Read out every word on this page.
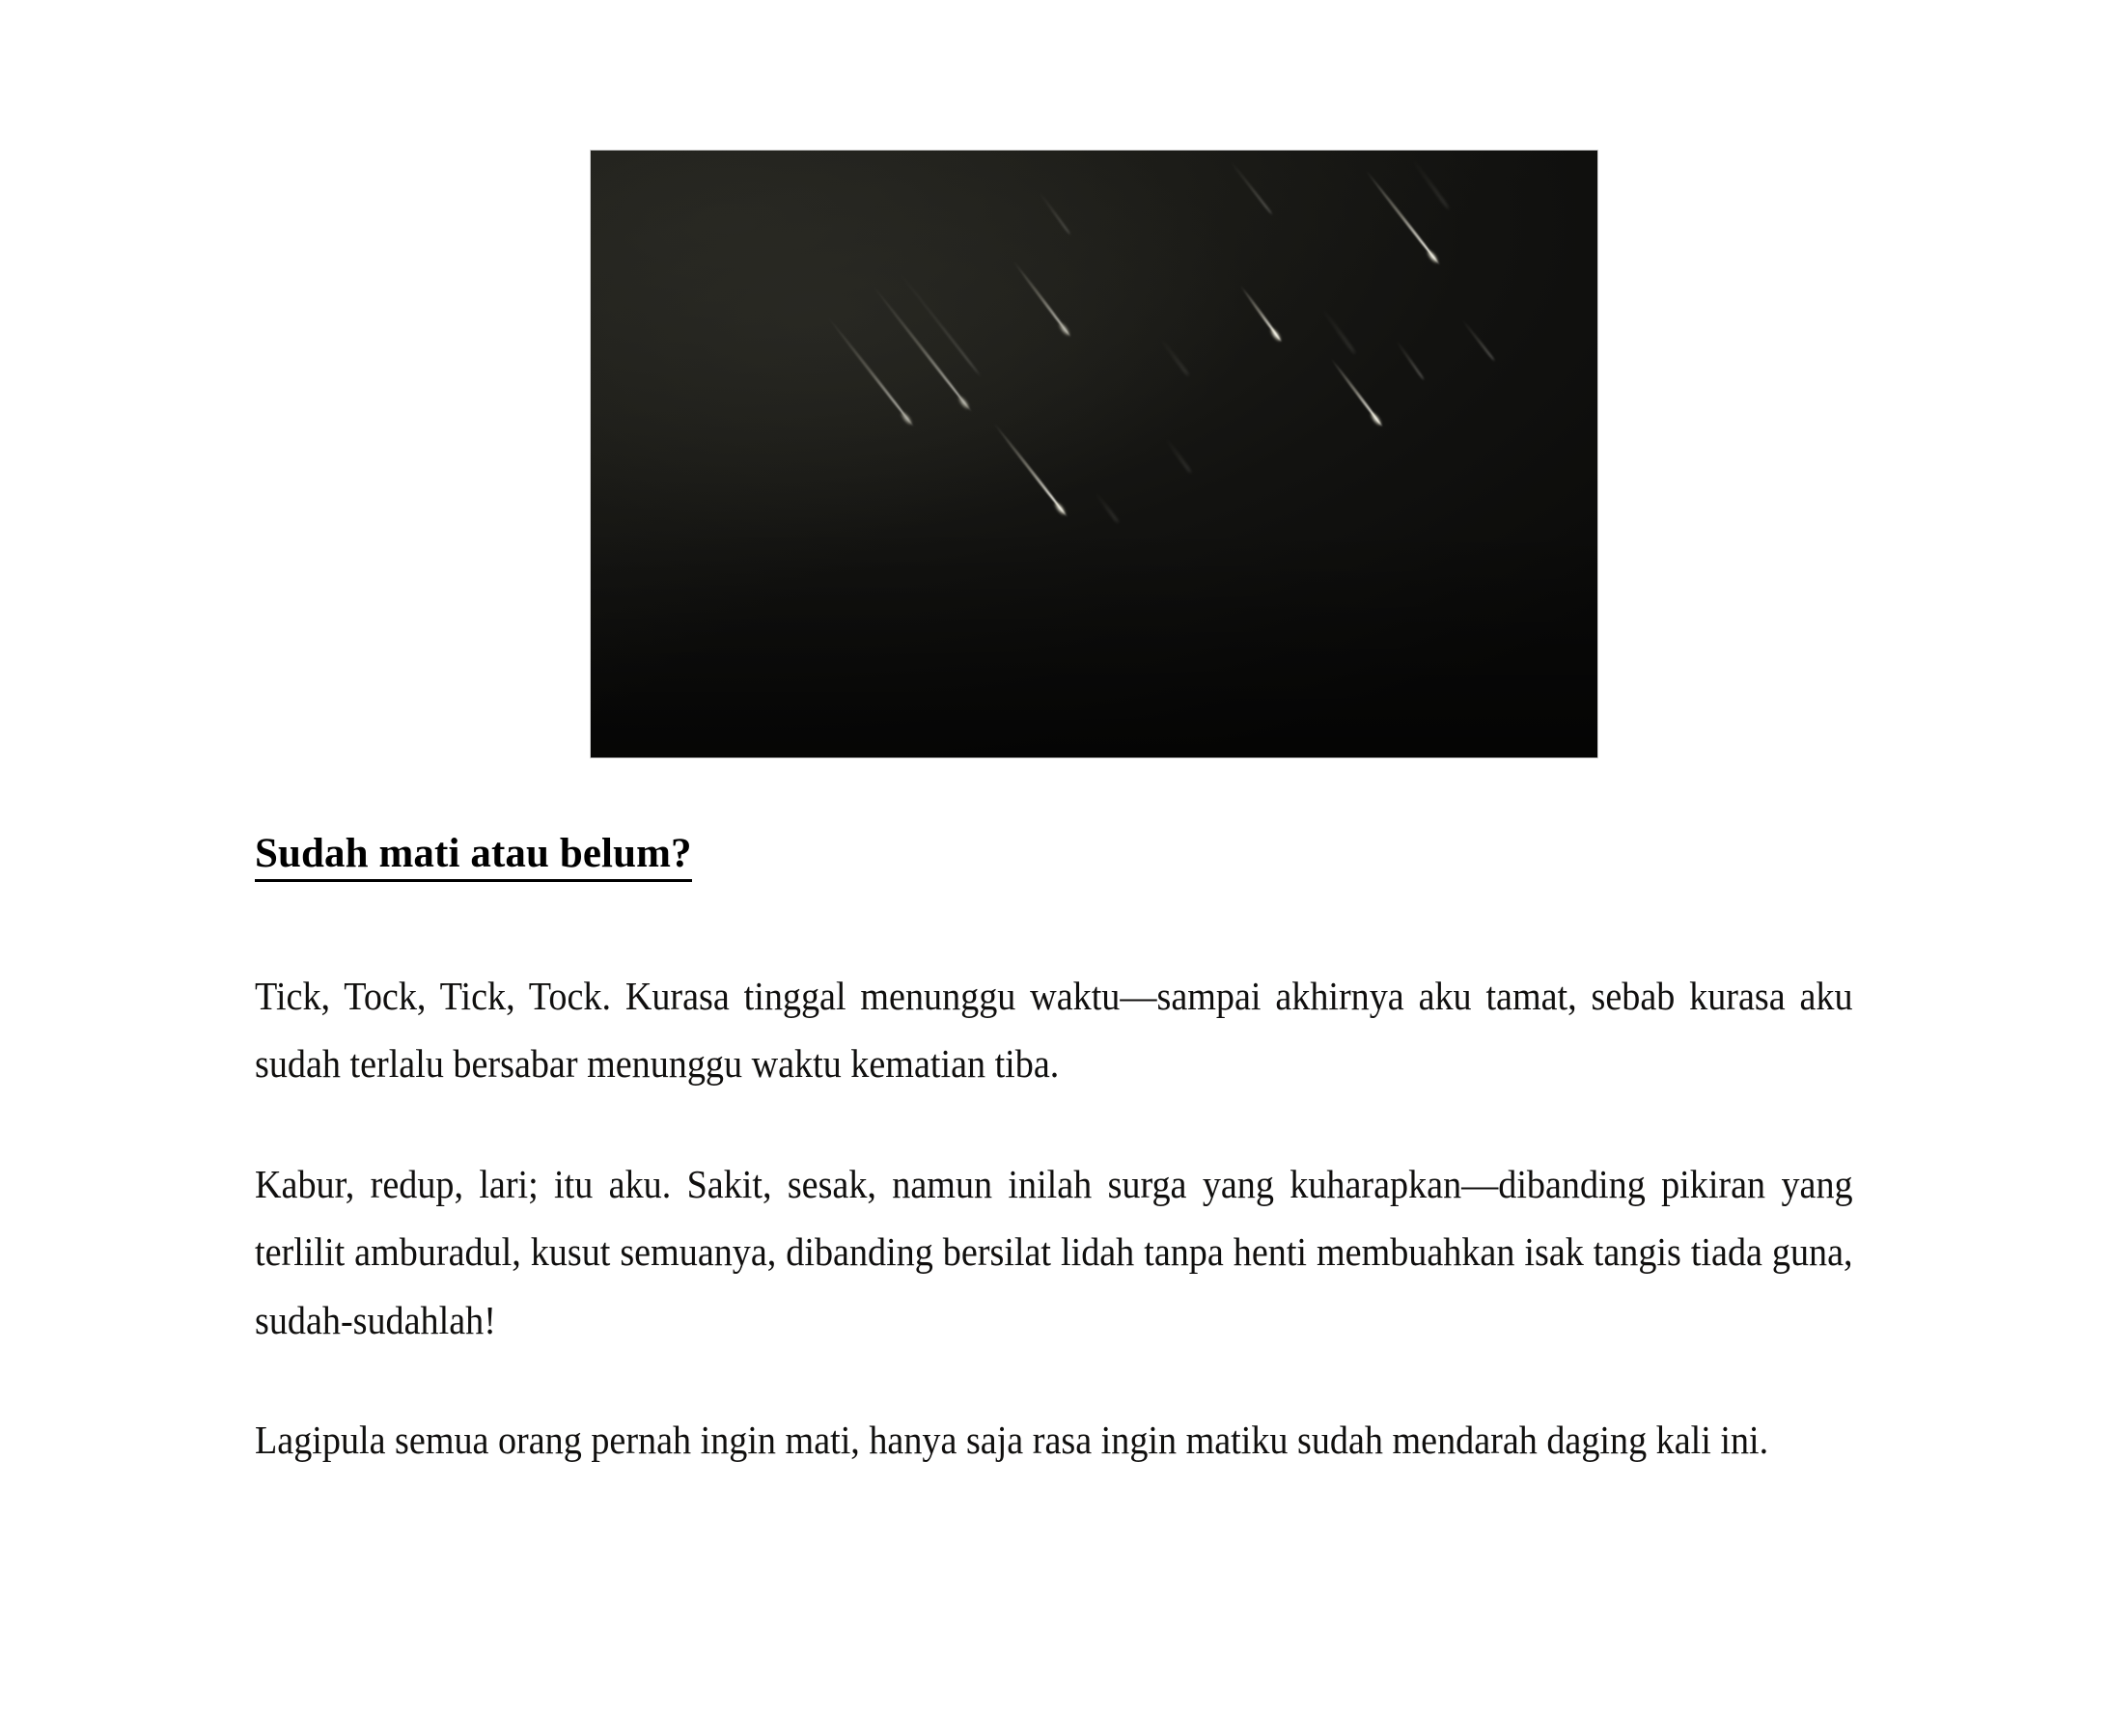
Sudah mati atau belum?

Tick, Tock, Tick, Tock. Kurasa tinggal menunggu waktu—sampai akhirnya aku tamat, sebab kurasa aku sudah terlalu bersabar menunggu waktu kematian tiba.

Kabur, redup, lari; itu aku. Sakit, sesak, namun inilah surga yang kuharapkan—dibanding pikiran yang terlilit amburadul, kusut semuanya, dibanding bersilat lidah tanpa henti membuahkan isak tangis tiada guna, sudah-sudahlah!

Lagipula semua orang pernah ingin mati, hanya saja rasa ingin matiku sudah mendarah daging kali ini.
